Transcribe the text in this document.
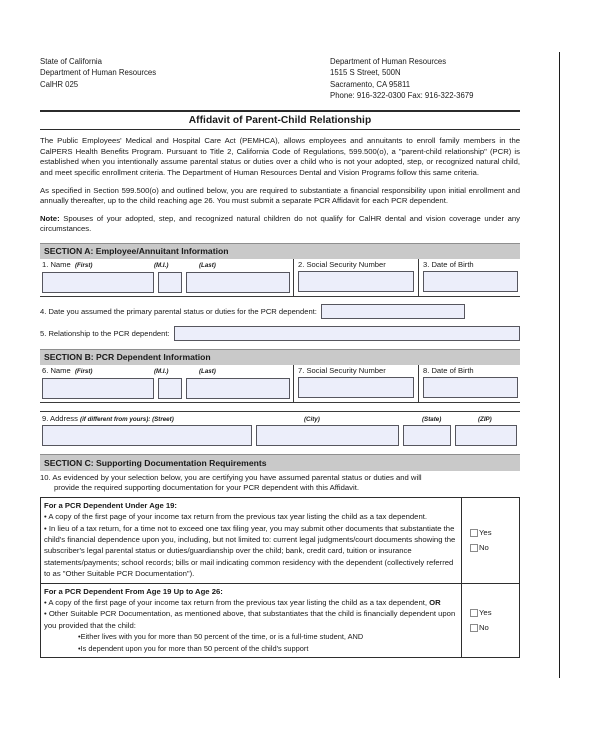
State of California
Department of Human Resources
CalHR 025
Department of Human Resources
1515 S Street, 500N
Sacramento, CA 95811
Phone: 916-322-0300 Fax: 916-322-3679
Affidavit of Parent-Child Relationship
The Public Employees' Medical and Hospital Care Act (PEMHCA), allows employees and annuitants to enroll family members in the CalPERS Health Benefits Program. Pursuant to Title 2, California Code of Regulations, 599.500(o), a "parent-child relationship" (PCR) is established when you intentionally assume parental status or duties over a child who is not your adopted, step, or recognized natural child, and meet specific enrollment criteria. The Department of Human Resources Dental and Vision Programs follow this same criteria.
As specified in Section 599.500(o) and outlined below, you are required to substantiate a financial responsibility upon initial enrollment and annually thereafter, up to the child reaching age 26. You must submit a separate PCR Affidavit for each PCR dependent.
Note: Spouses of your adopted, step, and recognized natural children do not qualify for CalHR dental and vision coverage under any circumstances.
SECTION A: Employee/Annuitant Information
1. Name (First)	(M.I.)	(Last)	2. Social Security Number	3. Date of Birth
4. Date you assumed the primary parental status or duties for the PCR dependent:
5. Relationship to the PCR dependent:
SECTION B: PCR Dependent Information
6. Name (First)	(M.I.)	(Last)	7. Social Security Number	8. Date of Birth
9. Address (if different from yours): (Street)	(City)	(State)	(ZIP)
SECTION C: Supporting Documentation Requirements
10. As evidenced by your selection below, you are certifying you have assumed parental status or duties and will
provide the required supporting documentation for your PCR dependent with this Affidavit.
For a PCR Dependent Under Age 19:
• A copy of the first page of your income tax return from the previous tax year listing the child as a tax dependent.
• In lieu of a tax return, for a time not to exceed one tax filing year, you may submit other documents that substantiate the child's financial dependence upon you, including, but not limited to: current legal judgments/court documents showing the subscriber's legal parental status or duties/guardianship over the child; bank, credit card, tuition or insurance statements/payments; school records; bills or mail indicating common residency with the dependent (collectively referred to as "Other Suitable PCR Documentation").
Yes
No
For a PCR Dependent From Age 19 Up to Age 26:
• A copy of the first page of your income tax return from the previous tax year listing the child as a tax dependent, OR
• Other Suitable PCR Documentation, as mentioned above, that substantiates that the child is financially dependent upon you provided that the child:
•Either lives with you for more than 50 percent of the time, or is a full-time student, AND
•Is dependent upon you for more than 50 percent of the child's support
Yes
No
